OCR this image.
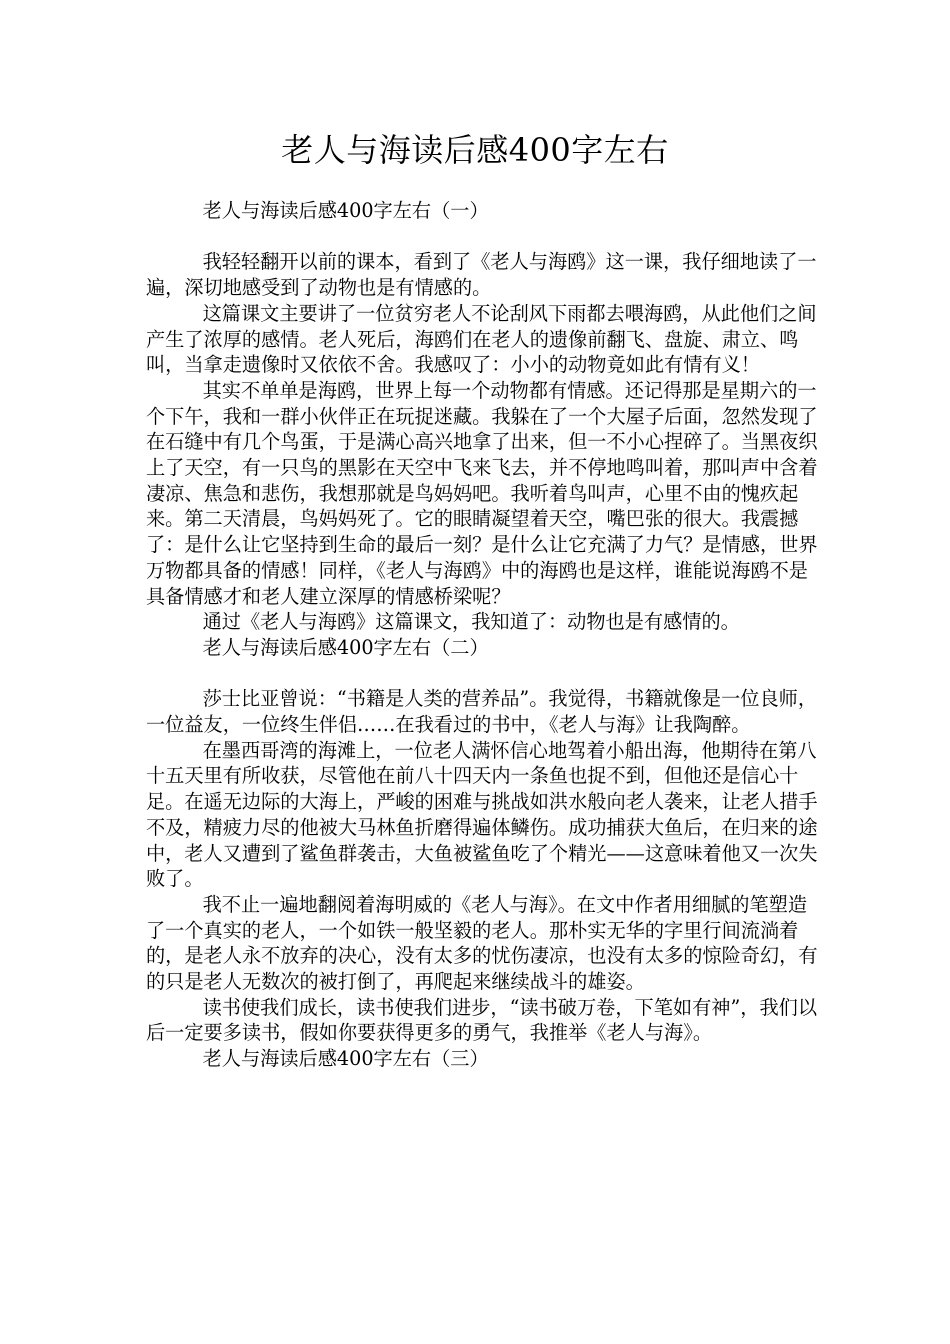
老人与海读后感400字左右

老人与海读后感400字左右（一）

我轻轻翻开以前的课本，看到了《老人与海鸥》这一课，我仔细地读了一遍，深切地感受到了动物也是有情感的。

这篇课文主要讲了一位贫穷老人不论刮风下雨都去喂海鸥，从此他们之间产生了浓厚的感情。老人死后，海鸥们在老人的遗像前翻飞、盘旋、肃立、鸣叫，当拿走遗像时又依依不舍。我感叹了：小小的动物竟如此有情有义！

其实不单单是海鸥，世界上每一个动物都有情感。还记得那是星期六的一个下午，我和一群小伙伴正在玩捉迷藏。我躲在了一个大屋子后面，忽然发现了在石缝中有几个鸟蛋，于是满心高兴地拿了出来，但一不小心捏碎了。当黑夜织上了天空，有一只鸟的黑影在天空中飞来飞去，并不停地鸣叫着，那叫声中含着凄凉、焦急和悲伤，我想那就是鸟妈妈吧。我听着鸟叫声，心里不由的愧疚起来。第二天清晨，鸟妈妈死了。它的眼睛凝望着天空，嘴巴张的很大。我震撼了：是什么让它坚持到生命的最后一刻？是什么让它充满了力气？是情感，世界万物都具备的情感！同样，《老人与海鸥》中的海鸥也是这样，谁能说海鸥不是具备情感才和老人建立深厚的情感桥梁呢？

通过《老人与海鸥》这篇课文，我知道了：动物也是有感情的。

老人与海读后感400字左右（二）

莎士比亚曾说：“书籍是人类的营养品”。我觉得，书籍就像是一位良师，一位益友，一位终生伴侣……在我看过的书中，《老人与海》让我陶醉。

在墨西哥湾的海滩上，一位老人满怀信心地驾着小船出海，他期待在第八十五天里有所收获，尽管他在前八十四天内一条鱼也捉不到，但他还是信心十足。在遥无边际的大海上，严峻的困难与挑战如洪水般向老人袭来，让老人措手不及，精疲力尽的他被大马林鱼折磨得遍体鳞伤。成功捕获大鱼后，在归来的途中，老人又遭到了鲨鱼群袭击，大鱼被鲨鱼吃了个精光——这意味着他又一次失败了。

我不止一遍地翻阅着海明威的《老人与海》。在文中作者用细腻的笔塑造了一个真实的老人，一个如铁一般坚毅的老人。那朴实无华的字里行间流淌着的，是老人永不放弃的决心，没有太多的忧伤凄凉，也没有太多的惊险奇幻，有的只是老人无数次的被打倒了，再爬起来继续战斗的雄姿。

读书使我们成长，读书使我们进步，“读书破万卷，下笔如有神”，我们以后一定要多读书，假如你要获得更多的勇气，我推举《老人与海》。

老人与海读后感400字左右（三）
